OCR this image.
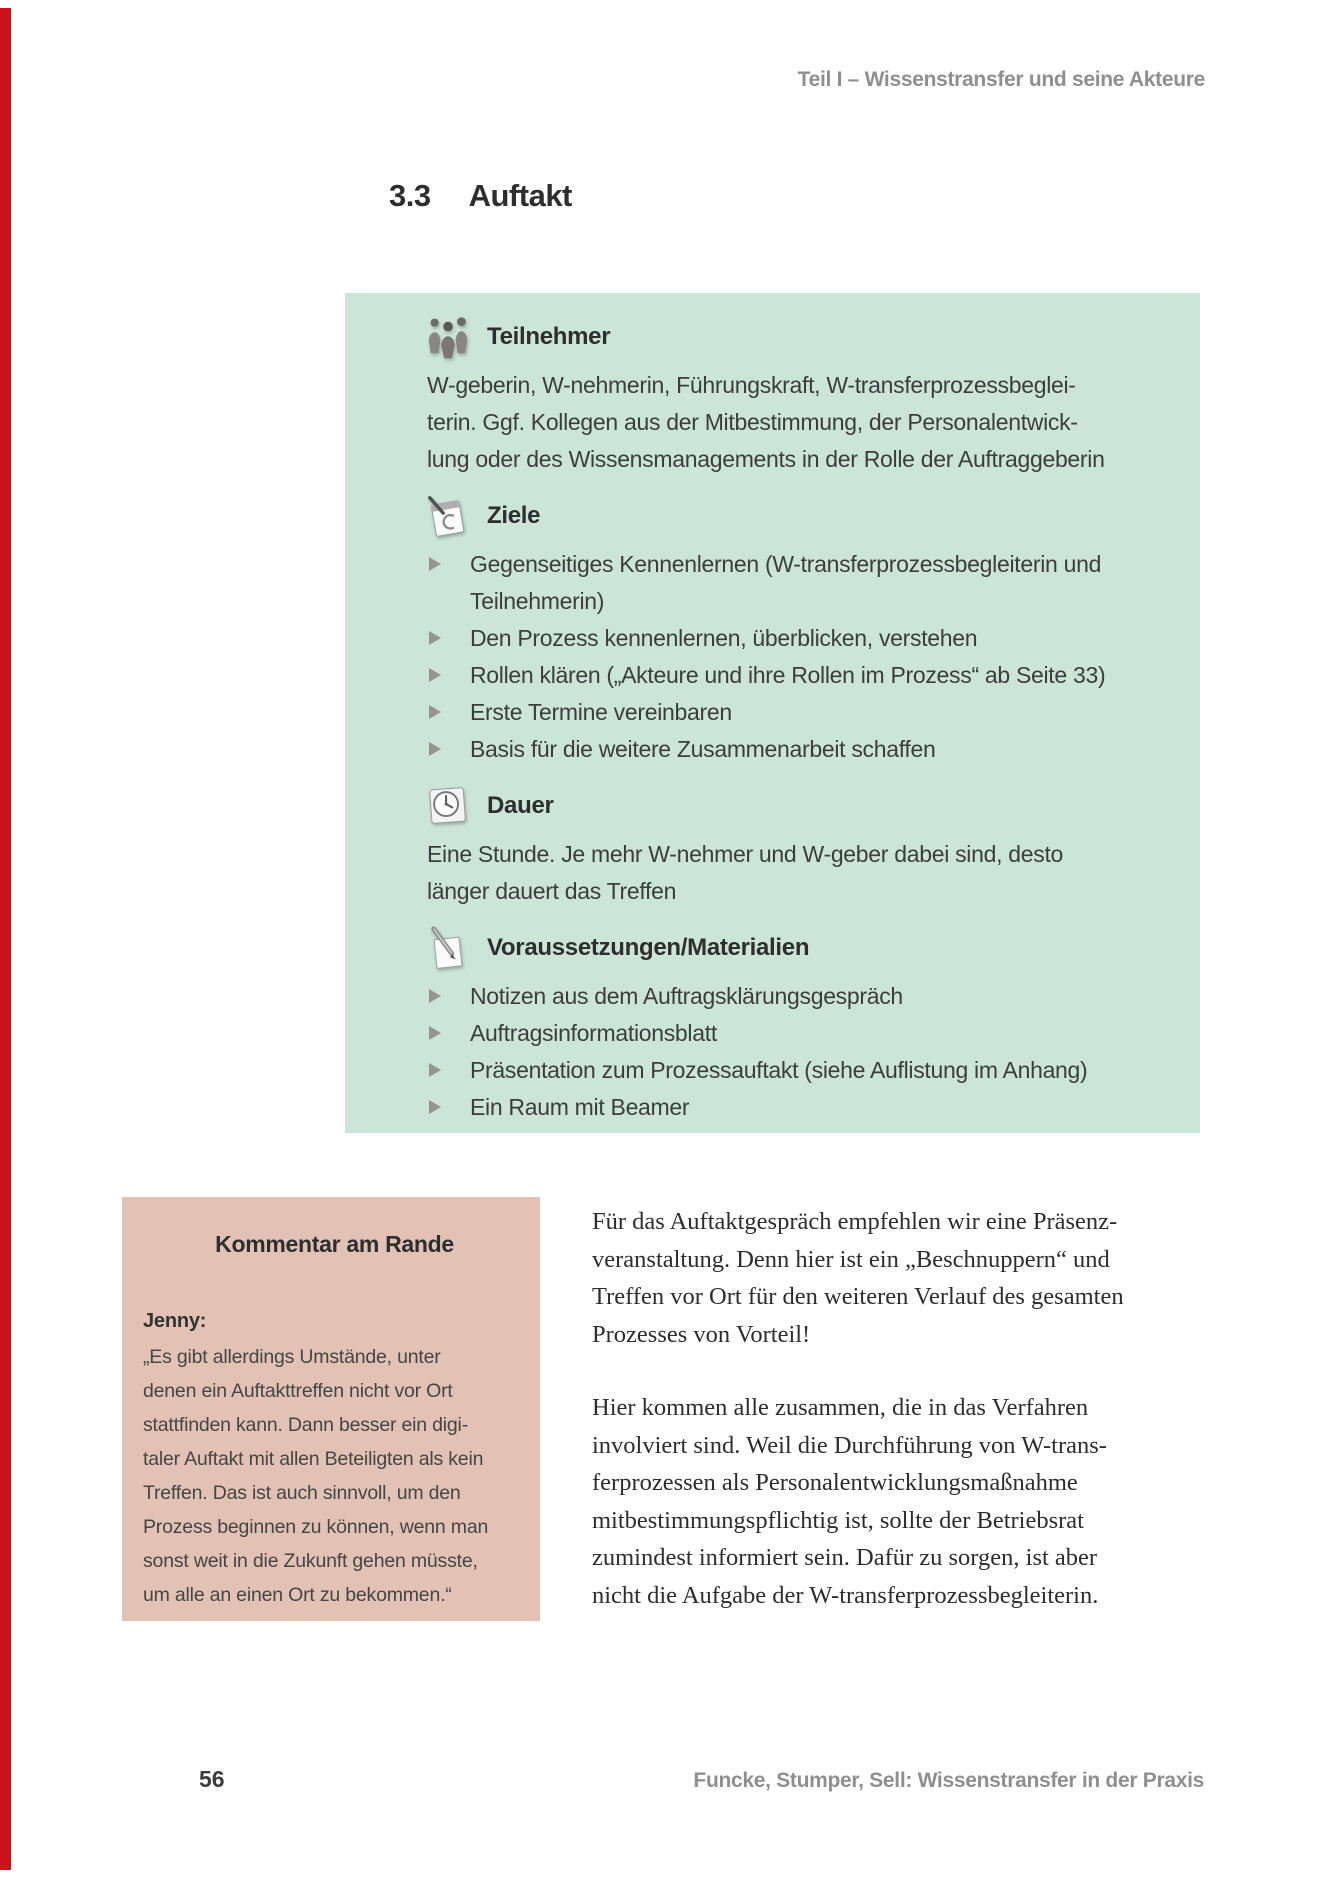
Teil I – Wissenstransfer und seine Akteure
3.3 Auftakt
Teilnehmer
W-geberin, W-nehmerin, Führungskraft, W-transferprozessbeglei-
terin. Ggf. Kollegen aus der Mitbestimmung, der Personalentwick-
lung oder des Wissensmanagements in der Rolle der Auftraggeberin
Ziele
Gegenseitiges Kennenlernen (W-transferprozessbegleiterin und Teilnehmerin)
Den Prozess kennenlernen, überblicken, verstehen
Rollen klären („Akteure und ihre Rollen im Prozess“ ab Seite 33)
Erste Termine vereinbaren
Basis für die weitere Zusammenarbeit schaffen
Dauer
Eine Stunde. Je mehr W-nehmer und W-geber dabei sind, desto
länger dauert das Treffen
Voraussetzungen/Materialien
Notizen aus dem Auftragsklärungsgespräch
Auftragsinformationsblatt
Präsentation zum Prozessauftakt (siehe Auflistung im Anhang)
Ein Raum mit Beamer
Kommentar am Rande
Jenny:
„Es gibt allerdings Umstände, unter
denen ein Auftakttreffen nicht vor Ort
stattfinden kann. Dann besser ein digi-
taler Auftakt mit allen Beteiligten als kein
Treffen. Das ist auch sinnvoll, um den
Prozess beginnen zu können, wenn man
sonst weit in die Zukunft gehen müsste,
um alle an einen Ort zu bekommen.“
Für das Auftaktgespräch empfehlen wir eine Präsenz-
veranstaltung. Denn hier ist ein „Beschnuppern“ und
Treffen vor Ort für den weiteren Verlauf des gesamten
Prozesses von Vorteil!
Hier kommen alle zusammen, die in das Verfahren
involviert sind. Weil die Durchführung von W-trans-
ferprozessen als Personalentwicklungsmaßnahme
mitbestimmungspflichtig ist, sollte der Betriebsrat
zumindest informiert sein. Dafür zu sorgen, ist aber
nicht die Aufgabe der W-transferprozessbegleiterin.
56	Funcke, Stumper, Sell: Wissenstransfer in der Praxis
